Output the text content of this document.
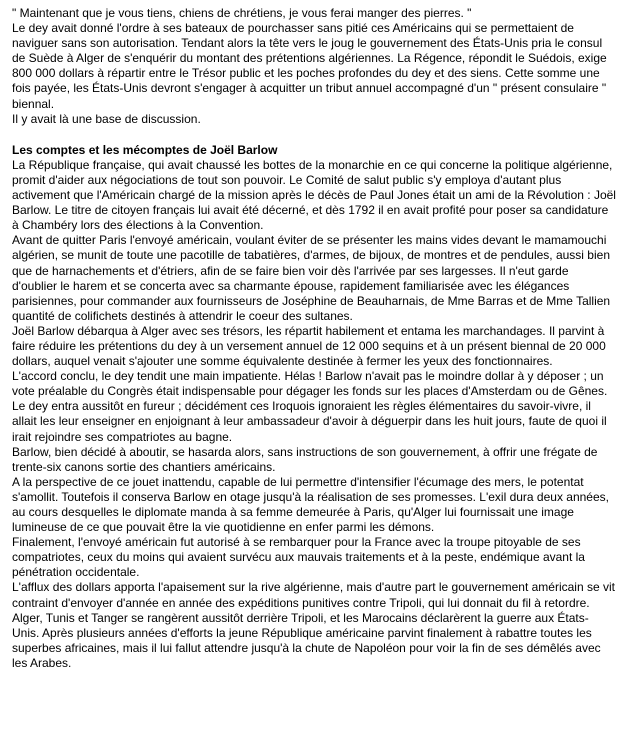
" Maintenant que je vous tiens, chiens de chrétiens, je vous ferai manger des pierres. "

Le dey avait donné l'ordre à ses bateaux de pourchasser sans pitié ces Américains qui se permettaient de naviguer sans son autorisation. Tendant alors la tête vers le joug le gouvernement des États-Unis pria le consul de Suède à Alger de s'enquérir du montant des prétentions algériennes. La Régence, répondit le Suédois, exige 800 000 dollars à répartir entre le Trésor public et les poches profondes du dey et des siens. Cette somme une fois payée, les États-Unis devront s'engager à acquitter un tribut annuel accompagné d'un " présent consulaire " biennal.

Il y avait là une base de discussion.

Les comptes et les mécomptes de Joël Barlow

La République française, qui avait chaussé les bottes de la monarchie en ce qui concerne la politique algérienne, promit d'aider aux négociations de tout son pouvoir. Le Comité de salut public s'y employa d'autant plus activement que l'Américain chargé de la mission après le décès de Paul Jones était un ami de la Révolution : Joël Barlow. Le titre de citoyen français lui avait été décerné, et dès 1792 il en avait profité pour poser sa candidature à Chambéry lors des élections à la Convention.

Avant de quitter Paris l'envoyé américain, voulant éviter de se présenter les mains vides devant le mamamouchi algérien, se munit de toute une pacotille de tabatières, d'armes, de bijoux, de montres et de pendules, aussi bien que de harnachements et d'étriers, afin de se faire bien voir dès l'arrivée par ses largesses. Il n'eut garde d'oublier le harem et se concerta avec sa charmante épouse, rapidement familiarisée avec les élégances parisiennes, pour commander aux fournisseurs de Joséphine de Beauharnais, de Mme Barras et de Mme Tallien quantité de colifichets destinés à attendrir le coeur des sultanes.

Joël Barlow débarqua à Alger avec ses trésors, les répartit habilement et entama les marchandages. Il parvint à faire réduire les prétentions du dey à un versement annuel de 12 000 sequins et à un présent biennal de 20 000 dollars, auquel venait s'ajouter une somme équivalente destinée à fermer les yeux des fonctionnaires.

L'accord conclu, le dey tendit une main impatiente. Hélas ! Barlow n'avait pas le moindre dollar à y déposer ; un vote préalable du Congrès était indispensable pour dégager les fonds sur les places d'Amsterdam ou de Gênes. Le dey entra aussitôt en fureur ; décidément ces Iroquois ignoraient les règles élémentaires du savoir-vivre, il allait les leur enseigner en enjoignant à leur ambassadeur d'avoir à déguerpir dans les huit jours, faute de quoi il irait rejoindre ses compatriotes au bagne.

Barlow, bien décidé à aboutir, se hasarda alors, sans instructions de son gouvernement, à offrir une frégate de trente-six canons sortie des chantiers américains.

A la perspective de ce jouet inattendu, capable de lui permettre d'intensifier l'écumage des mers, le potentat s'amollit. Toutefois il conserva Barlow en otage jusqu'à la réalisation de ses promesses. L'exil dura deux années, au cours desquelles le diplomate manda à sa femme demeurée à Paris, qu'Alger lui fournissait une image lumineuse de ce que pouvait être la vie quotidienne en enfer parmi les démons.

Finalement, l'envoyé américain fut autorisé à se rembarquer pour la France avec la troupe pitoyable de ses compatriotes, ceux du moins qui avaient survécu aux mauvais traitements et à la peste, endémique avant la pénétration occidentale.

L'afflux des dollars apporta l'apaisement sur la rive algérienne, mais d'autre part le gouvernement américain se vit contraint d'envoyer d'année en année des expéditions punitives contre Tripoli, qui lui donnait du fil à retordre.

Alger, Tunis et Tanger se rangèrent aussitôt derrière Tripoli, et les Marocains déclarèrent la guerre aux États-Unis. Après plusieurs années d'efforts la jeune République américaine parvint finalement à rabattre toutes les superbes africaines, mais il lui fallut attendre jusqu'à la chute de Napoléon pour voir la fin de ses démêlés avec les Arabes.
